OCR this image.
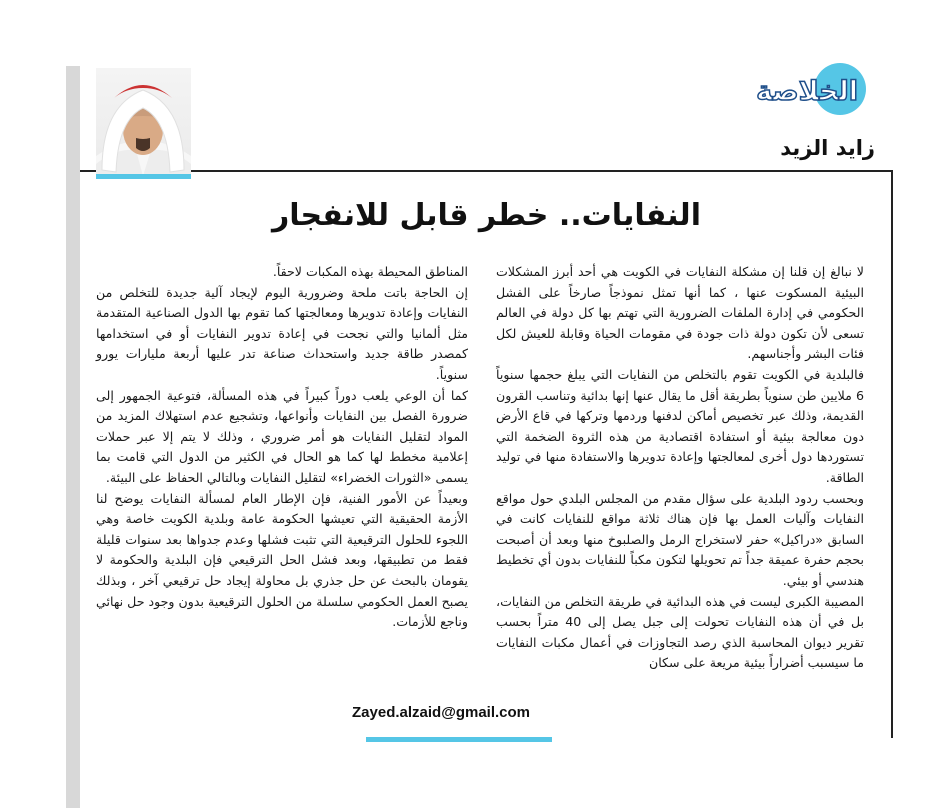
الخلاصة
زايد الزيد
النفايات.. خطر قابل للانفجار

لا نبالغ إن قلنا إن مشكلة النفايات في الكويت هي أحد أبرز المشكلات البيئية المسكوت عنها ، كما أنها تمثل نموذجاً صارخاً على الفشل الحكومي في إدارة الملفات الضرورية التي تهتم بها كل دولة في العالم تسعى لأن تكون دولة ذات جودة في مقومات الحياة وقابلة للعيش لكل فئات البشر وأجناسهم.

فالبلدية في الكويت تقوم بالتخلص من النفايات التي يبلغ حجمها سنوياً 6 ملايين طن سنوياً بطريقة أقل ما يقال عنها إنها بدائية وتناسب القرون القديمة، وذلك عبر تخصيص أماكن لدفنها وردمها وتركها في قاع الأرض دون معالجة بيئية أو استفادة اقتصادية من هذه الثروة الضخمة التي تستوردها دول أخرى لمعالجتها وإعادة تدويرها والاستفادة منها في توليد الطاقة.

وبحسب ردود البلدية على سؤال مقدم من المجلس البلدي حول مواقع النفايات وآليات العمل بها فإن هناك ثلاثة مواقع للنفايات كانت في السابق «دراكيل» حفر لاستخراج الرمل والصلبوخ منها وبعد أن أصبحت بحجم حفرة عميقة جداً تم تحويلها لتكون مكباً للنفايات بدون أي تخطيط هندسي أو بيئي.

المصيبة الكبرى ليست في هذه البدائية في طريقة التخلص من النفايات، بل في أن هذه النفايات تحولت إلى جبل يصل إلى 40 متراً بحسب تقرير ديوان المحاسبة الذي رصد التجاوزات في أعمال مكبات النفايات ما سيسبب أضراراً بيئية مريعة على سكان

المناطق المحيطة بهذه المكبات لاحقاً.

إن الحاجة باتت ملحة وضرورية اليوم لإيجاد آلية جديدة للتخلص من النفايات وإعادة تدويرها ومعالجتها كما تقوم بها الدول الصناعية المتقدمة مثل ألمانيا والتي نجحت في إعادة تدوير النفايات أو في استخدامها كمصدر طاقة جديد واستحداث صناعة تدر عليها أربعة مليارات يورو سنوياً.

كما أن الوعي يلعب دوراً كبيراً في هذه المسألة، فتوعية الجمهور إلى ضرورة الفصل بين النفايات وأنواعها، وتشجيع عدم استهلاك المزيد من المواد لتقليل النفايات هو أمر ضروري ، وذلك لا يتم إلا عبر حملات إعلامية مخطط لها كما هو الحال في الكثير من الدول التي قامت بما يسمى «الثورات الخضراء» لتقليل النفايات وبالتالي الحفاظ على البيئة.

وبعيداً عن الأمور الفنية، فإن الإطار العام لمسألة النفايات يوضح لنا الأزمة الحقيقية التي تعيشها الحكومة عامة وبلدية الكويت خاصة وهي اللجوء للحلول الترقيعية التي تثبت فشلها وعدم جدواها بعد سنوات قليلة فقط من تطبيقها، وبعد فشل الحل الترقيعي فإن البلدية والحكومة لا يقومان بالبحث عن حل جذري بل محاولة إيجاد حل ترقيعي آخر ، وبذلك يصبح العمل الحكومي سلسلة من الحلول الترقيعية بدون وجود حل نهائي وناجع للأزمات.

Zayed.alzaid@gmail.com
